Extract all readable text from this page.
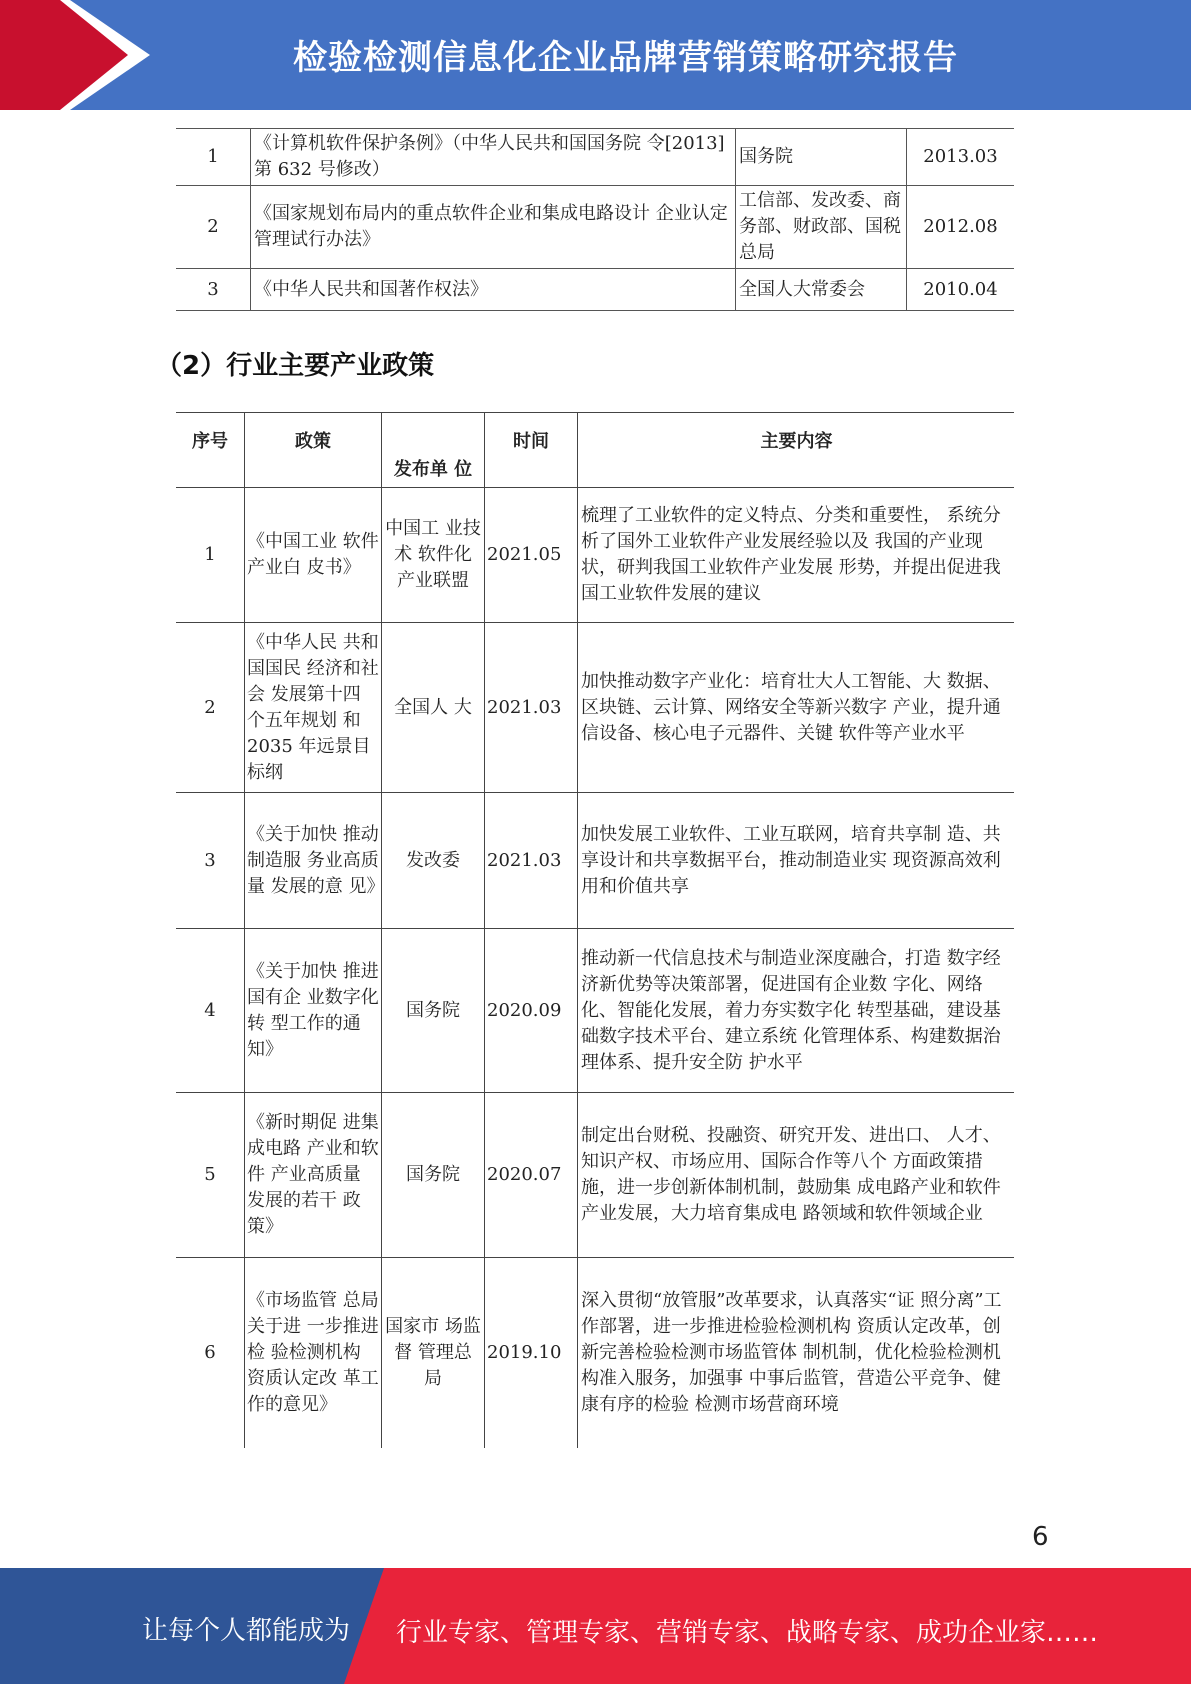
检验检测信息化企业品牌营销策略研究报告
1	《计算机软件保护条例》（中华人民共和国国务院 令[2013]第 632 号修改）	国务院	2013.03
2	《国家规划布局内的重点软件企业和集成电路设计 企业认定管理试行办法》	工信部、发改委、商务部、财政部、国税总局	2012.08
3	《中华人民共和国著作权法》	全国人大常委会	2010.04
（2）行业主要产业政策
序号	政策	发布单 位	时间	主要内容
1	《中国工业 软件产业白 皮书》	中国工 业技术 软件化 产业联盟	2021.05	梳理了工业软件的定义特点、分类和重要性， 系统分析了国外工业软件产业发展经验以及 我国的产业现状，研判我国工业软件产业发展 形势，并提出促进我国工业软件发展的建议
2	《中华人民 共和国国民 经济和社会 发展第十四 个五年规划 和 2035 年远景目标纲	全国人 大	2021.03	加快推动数字产业化：培育壮大人工智能、大 数据、区块链、云计算、网络安全等新兴数字 产业，提升通信设备、核心电子元器件、关键 软件等产业水平
3	《关于加快 推动制造服 务业高质量 发展的意 见》	发改委	2021.03	加快发展工业软件、工业互联网，培育共享制 造、共享设计和共享数据平台，推动制造业实 现资源高效利用和价值共享
4	《关于加快 推进国有企 业数字化转 型工作的通 知》	国务院	2020.09	推动新一代信息技术与制造业深度融合，打造 数字经济新优势等决策部署，促进国有企业数 字化、网络化、智能化发展，着力夯实数字化 转型基础，建设基础数字技术平台、建立系统 化管理体系、构建数据治理体系、提升安全防 护水平
5	《新时期促 进集成电路 产业和软件 产业高质量 发展的若干 政策》	国务院	2020.07	制定出台财税、投融资、研究开发、进出口、 人才、知识产权、市场应用、国际合作等八个 方面政策措施，进一步创新体制机制，鼓励集 成电路产业和软件产业发展，大力培育集成电 路领域和软件领域企业
6	《市场监管 总局关于进 一步推进检 验检测机构 资质认定改 革工作的意见》	国家市 场监督 管理总 局	2019.10	深入贯彻“放管服”改革要求，认真落实“证 照分离”工作部署，进一步推进检验检测机构 资质认定改革，创新完善检验检测市场监管体 制机制，优化检验检测机构准入服务，加强事 中事后监管，营造公平竞争、健康有序的检验 检测市场营商环境
6
让每个人都能成为 行业专家、管理专家、营销专家、战略专家、成功企业家……
